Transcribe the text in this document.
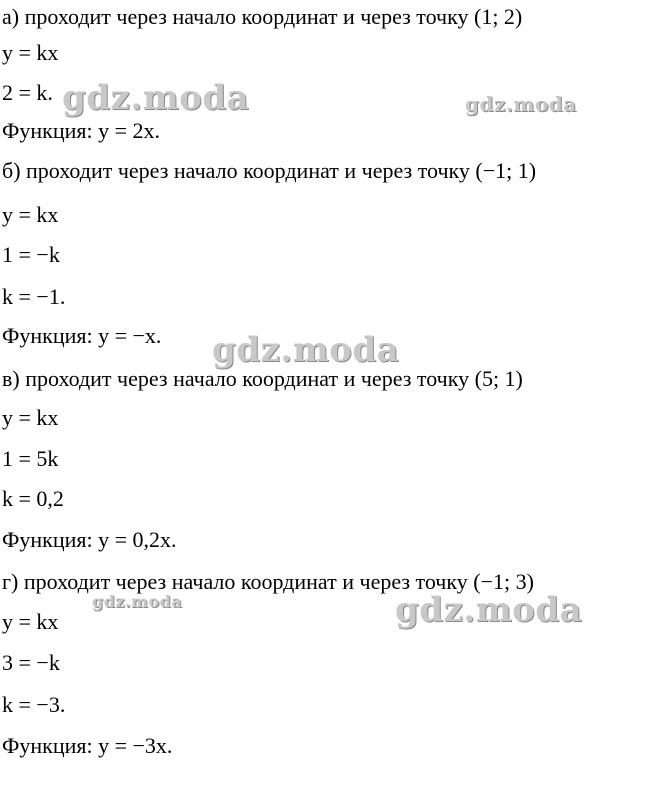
а) проходит через начало координат и через точку (1; 2)
y = kx
2 = k.
Функция: y = 2x.
б) проходит через начало координат и через точку (−1; 1)
y = kx
1 = −k
k = −1.
Функция: y = −x.
в) проходит через начало координат и через точку (5; 1)
y = kx
1 = 5k
k = 0,2
Функция: y = 0,2x.
г) проходит через начало координат и через точку (−1; 3)
y = kx
3 = −k
k = −3.
Функция: y = −3x.
gdz.moda	gdz.moda
gdz.moda
gdz.moda	gdz.moda
